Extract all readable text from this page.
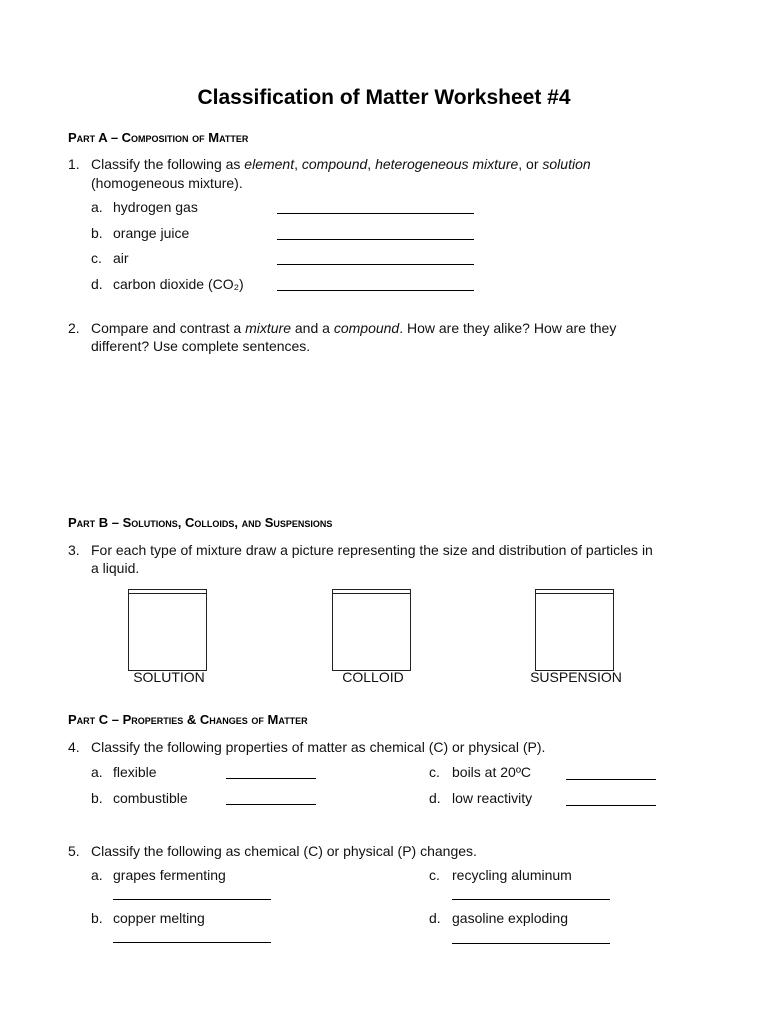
Classification of Matter Worksheet #4
Part A – Composition of Matter
1. Classify the following as element, compound, heterogeneous mixture, or solution
(homogeneous mixture).
a. hydrogen gas
b. orange juice
c. air
d. carbon dioxide (CO₂)
2. Compare and contrast a mixture and a compound. How are they alike? How are they
different? Use complete sentences.
Part B – Solutions, Colloids, and Suspensions
3. For each type of mixture draw a picture representing the size and distribution of particles in
a liquid.
SOLUTION	COLLOID	SUSPENSION
Part C – Properties & Changes of Matter
4. Classify the following properties of matter as chemical (C) or physical (P).
a. flexible
b. combustible
c. boils at 20ºC
d. low reactivity
5. Classify the following as chemical (C) or physical (P) changes.
a. grapes fermenting
b. copper melting
c. recycling aluminum
d. gasoline exploding
